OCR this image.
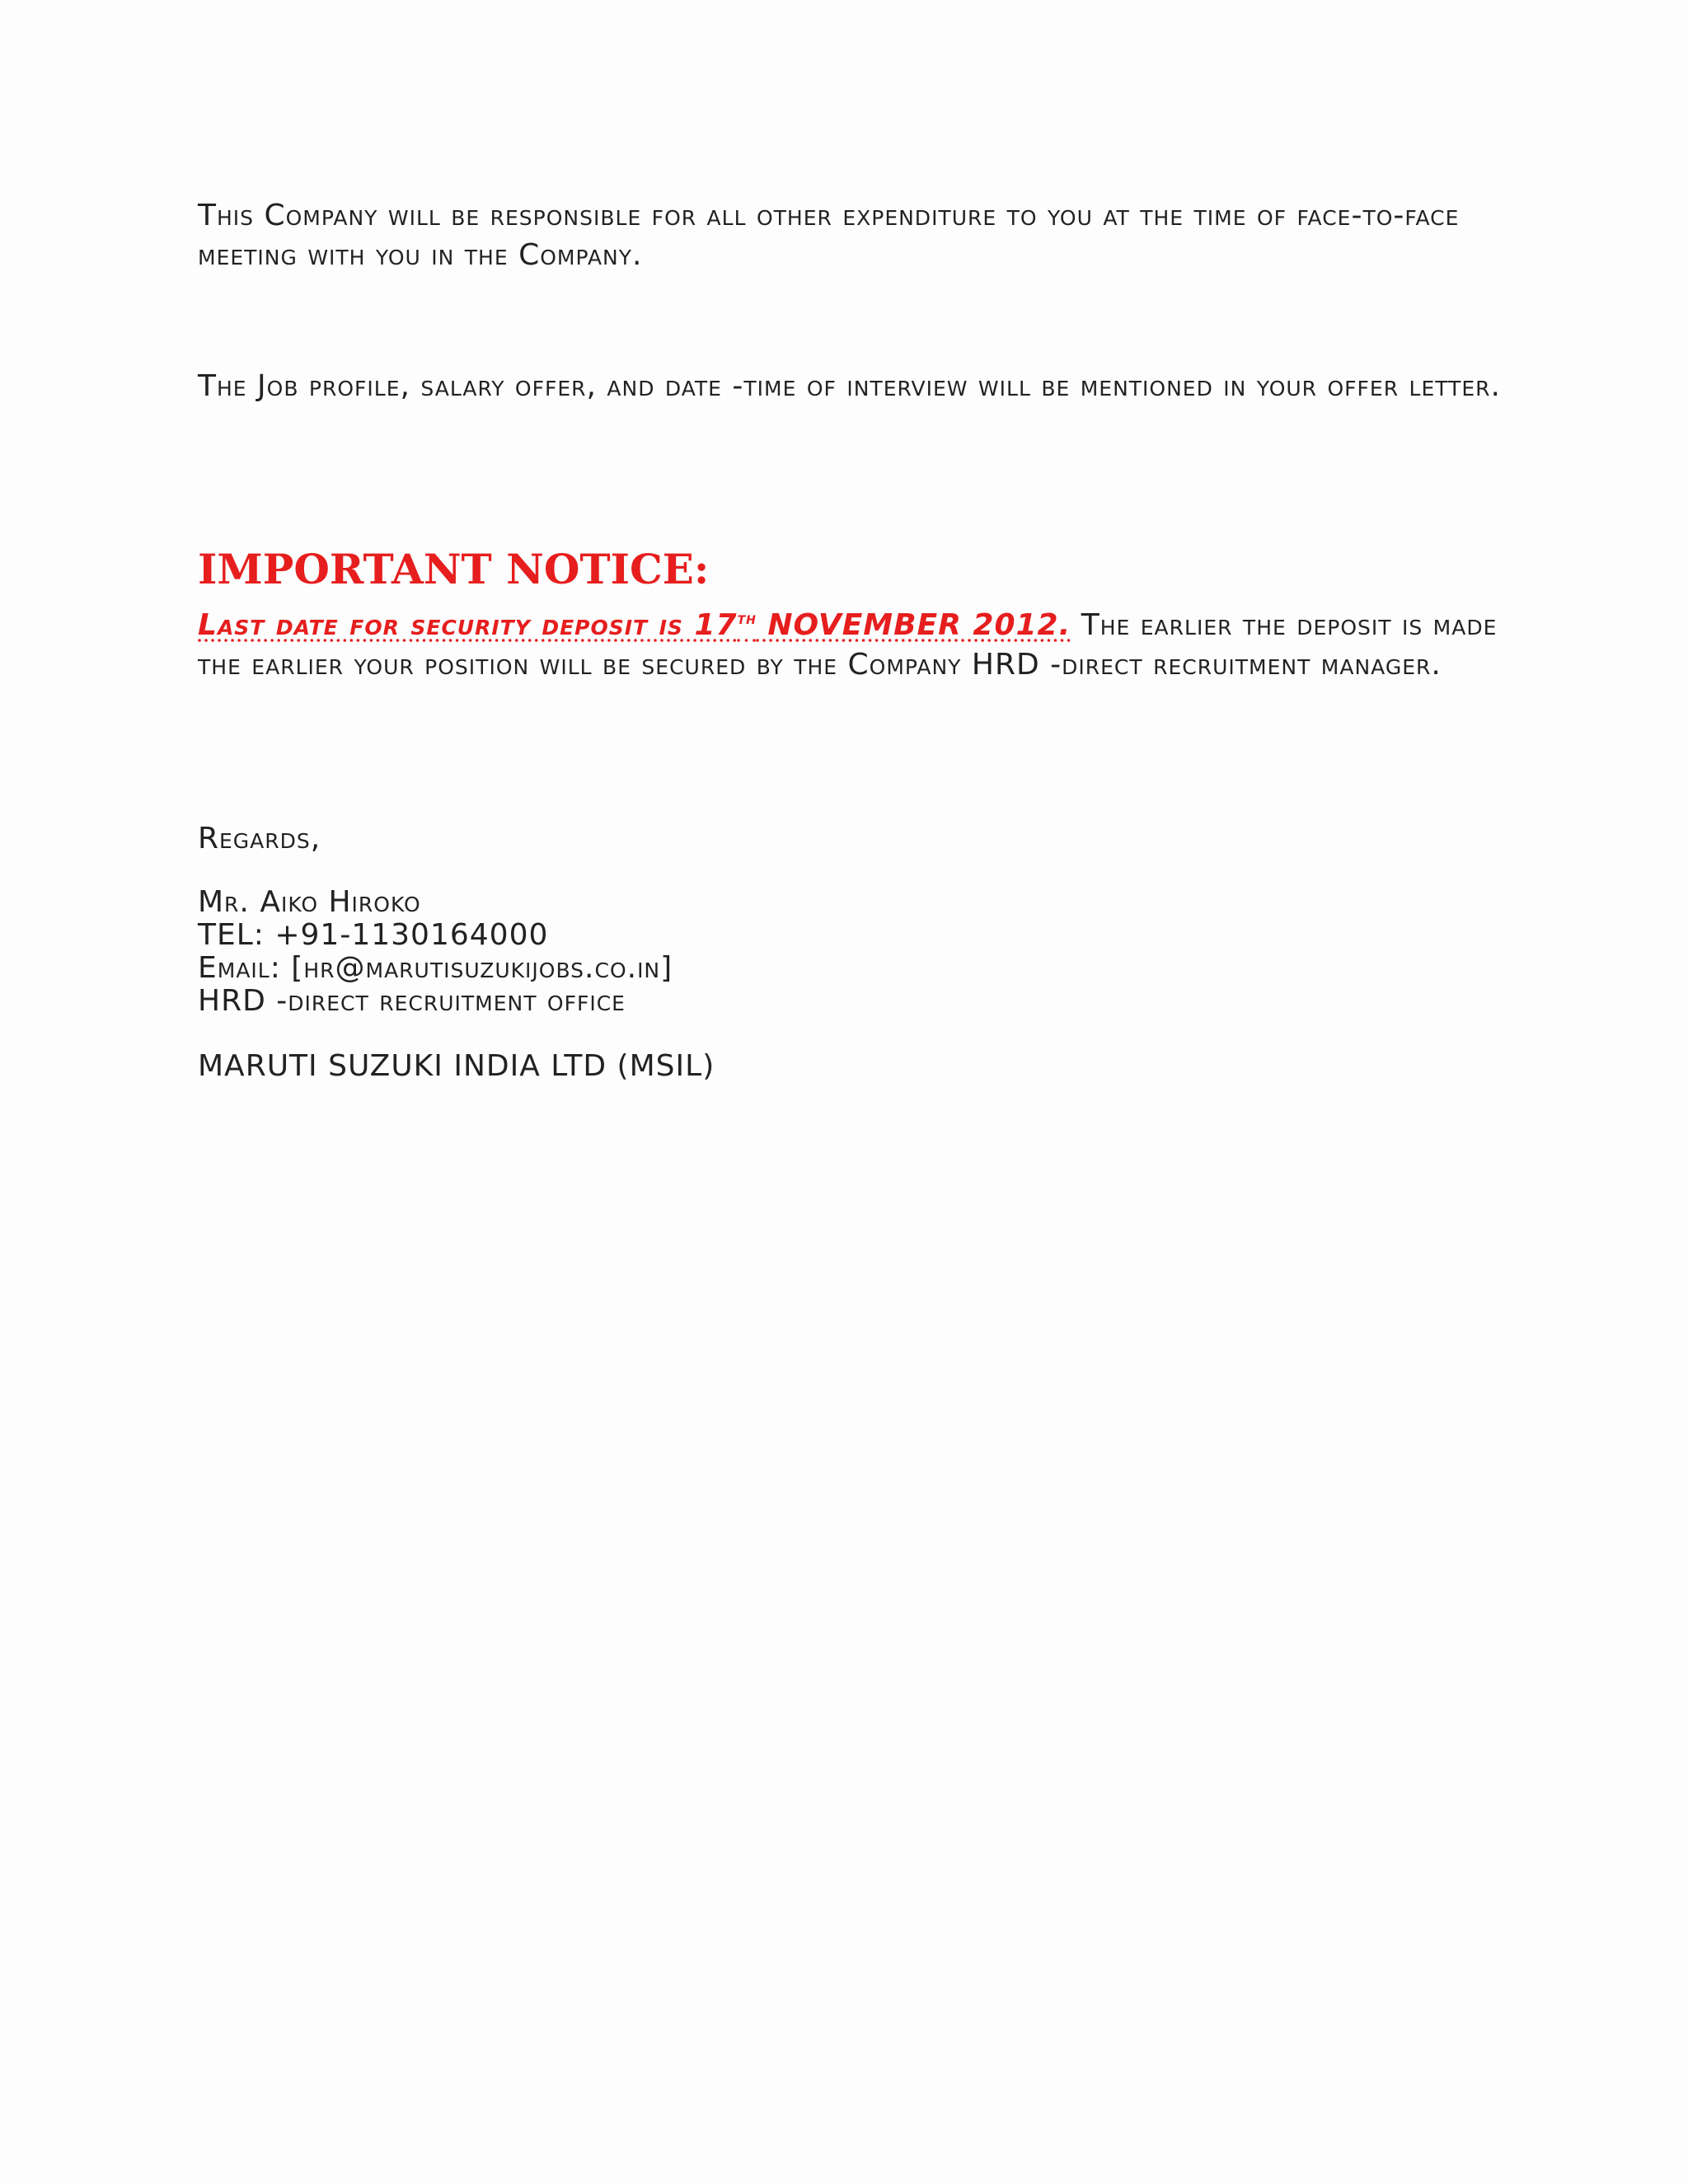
This Company will be responsible for all other expenditure to you at the time of face-to-face meeting with you in the Company.

The Job profile, salary offer, and date -time of interview will be mentioned in your offer letter.

IMPORTANT NOTICE:

Last date for security deposit is 17th NOVEMBER 2012. The earlier the deposit is made the earlier your position will be secured by the Company HRD -direct recruitment manager.

Regards,

Mr. Aiko Hiroko
TEL: +91-1130164000
Email: [hr@marutisuzukijobs.co.in]
HRD -direct recruitment office

MARUTI SUZUKI INDIA LTD (MSIL)
